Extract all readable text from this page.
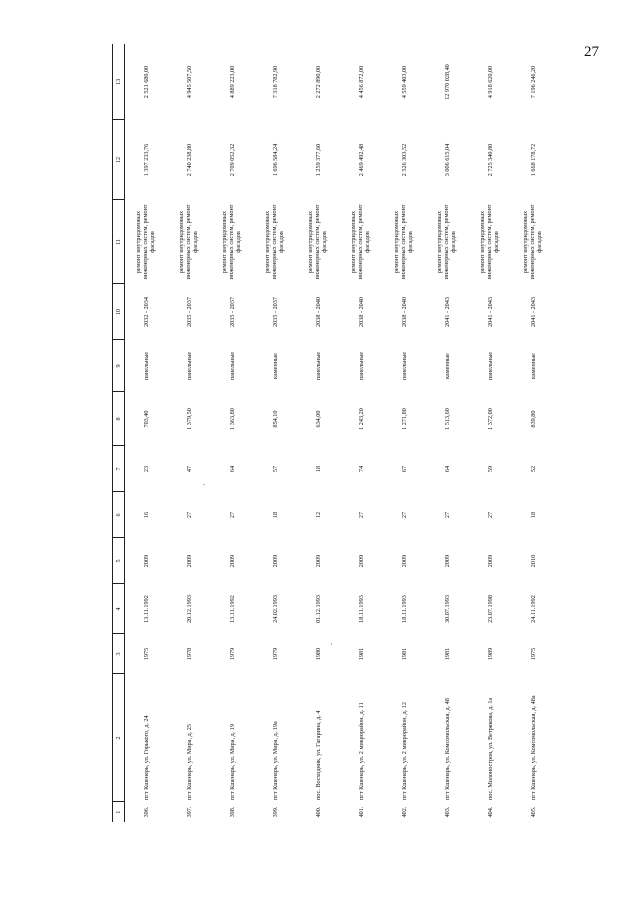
27
1	2	3	4	5	6	7	8	9	10	11	12	13
396.	пгт Кшенарь, ул. Горького, д. 24	1975	13.11.1992	2009	16	23	703,40	панельные	2032 - 2034	ремонт внутридомовых инженерных систем, ремонт фасадов	1 397 233,76	2 521 680,00
397.	пгт Кшенарь, ул. Мира, д. 25	1978	20.12.1993	2009	27	47	1 379,50	панельные	2035 - 2037	ремонт внутридомовых инженерных систем, ремонт фасадов	2 740 238,80	4 945 507,50
398.	пгт Кшенарь, ул. Мира, д. 19	1979	13.11.1992	2009	27	64	1 363,80	панельные	2035 - 2037	ремонт внутридомовых инженерных систем, ремонт фасадов	2 709 052,32	4 889 223,00
399.	пгт Кшенарь, ул. Мира, д. 19а	1979	24.02.1993	2009	18	57	854,10	каменные	2035 - 2037	ремонт внутридомовых инженерных систем, ремонт фасадов	1 696 584,24	7 318 782,90
400.	пос. Восходник, ул. Гагарина, д. 4	1980	01.12.1993	2009	12	18	634,00	панельные	2038 - 2040	ремонт внутридомовых инженерных систем, ремонт фасадов	1 259 377,60	2 272 890,00
401.	пгт Кшенарь, ул. 2 микрорайон, д. 11	1981	18.11.1993	2009	27	74	1 243,20	панельные	2038 - 2040	ремонт внутридомовых инженерных систем, ремонт фасадов	2 469 492,48	4 456 872,00
402.	пгт Кшенарь, ул. 2 микрорайон, д. 12	1981	18.11.1993	2009	27	67	1 271,80	панельные	2038 - 2040	ремонт внутридомовых инженерных систем, ремонт фасадов	2 526 303,52	4 559 403,00
403.	пгт Кшенарь, ул. Комсомольская, д. 48	1981	30.07.1993	2009	27	64	1 513,60	каменные	2041 - 2043	ремонт внутридомовых инженерных систем, ремонт фасадов	3 006 615,04	12 970 028,40
404.	пос. Молоностроя, ул. Ветрякова, д. 1а	1989	23.07.1998	2009	27	59	1 372,00	панельные	2041 - 2043	ремонт внутридомовых инженерных систем, ремонт фасадов	2 725 340,80	4 918 620,00
405.	пгт Кшенарь, ул. Комсомольская, д. 48а	1975	24.11.1992	2010	18	52	839,80	каменные	2041 - 2043	ремонт внутридомовых инженерных систем, ремонт фасадов	1 668 178,72	7 196 246,20
.
·
